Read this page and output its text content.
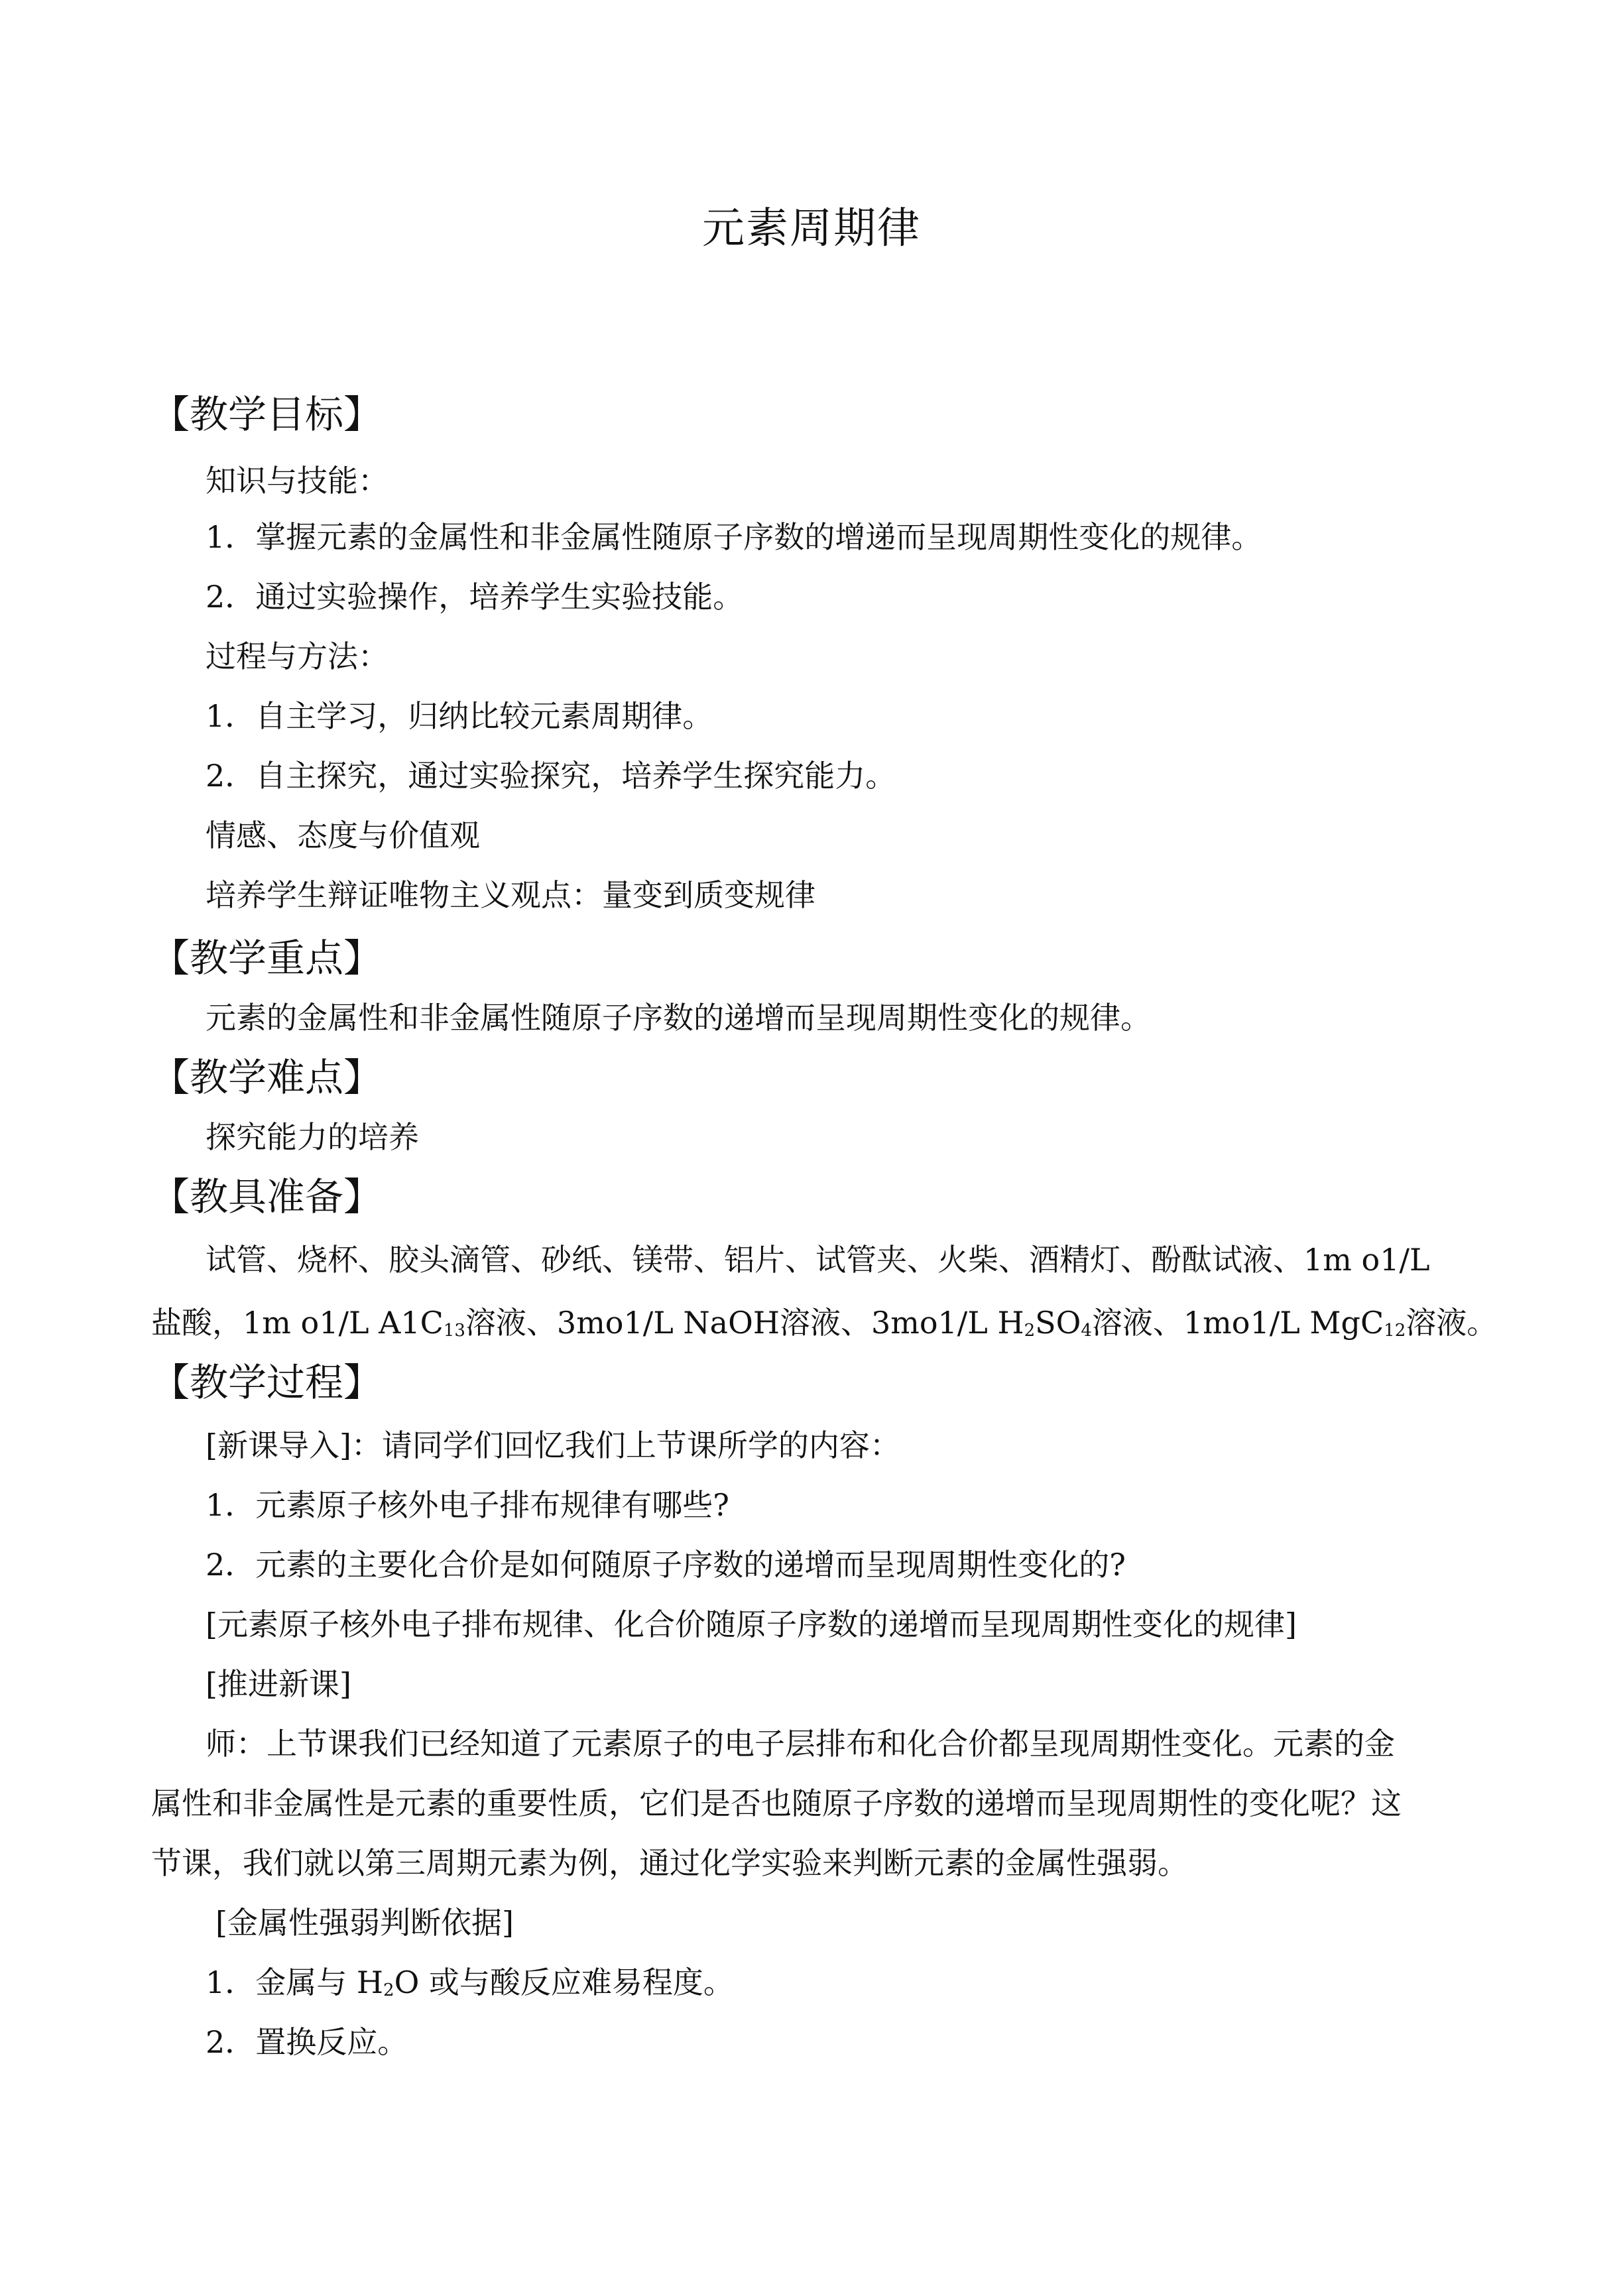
元素周期律
【教学目标】
知识与技能：
1．掌握元素的金属性和非金属性随原子序数的增递而呈现周期性变化的规律。
2．通过实验操作，培养学生实验技能。
过程与方法：
1．自主学习，归纳比较元素周期律。
2．自主探究，通过实验探究，培养学生探究能力。
情感、态度与价值观
培养学生辩证唯物主义观点：量变到质变规律
【教学重点】
元素的金属性和非金属性随原子序数的递增而呈现周期性变化的规律。
【教学难点】
探究能力的培养
【教具准备】
试管、烧杯、胶头滴管、砂纸、镁带、铝片、试管夹、火柴、酒精灯、酚酞试液、1m o1/L
盐酸，1m o1/L $A1C_{13}$溶液、3mo1/L NaOH溶液、3mo1/L $H_2SO_4$溶液、1mo1/L MgC$_{12}$溶液。
【教学过程】
[新课导入]：请同学们回忆我们上节课所学的内容：
1．元素原子核外电子排布规律有哪些?
2．元素的主要化合价是如何随原子序数的递增而呈现周期性变化的?
[元素原子核外电子排布规律、化合价随原子序数的递增而呈现周期性变化的规律]
[推进新课]
师：上节课我们已经知道了元素原子的电子层排布和化合价都呈现周期性变化。元素的金
属性和非金属性是元素的重要性质，它们是否也随原子序数的递增而呈现周期性的变化呢？这
节课，我们就以第三周期元素为例，通过化学实验来判断元素的金属性强弱。
[金属性强弱判断依据]
1．金属与 $H_2O$ 或与酸反应难易程度。
2．置换反应。
